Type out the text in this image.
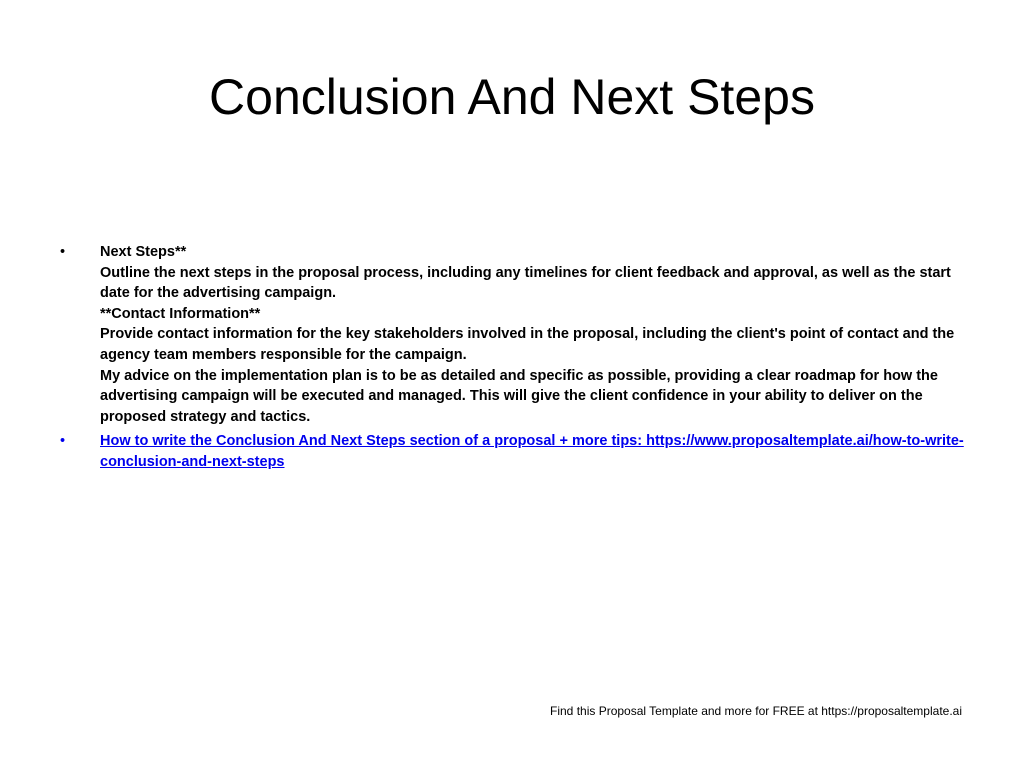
Conclusion And Next Steps
• Next Steps**
Outline the next steps in the proposal process, including any timelines for client feedback and approval, as well as the start date for the advertising campaign.
**Contact Information**
Provide contact information for the key stakeholders involved in the proposal, including the client's point of contact and the agency team members responsible for the campaign.
My advice on the implementation plan is to be as detailed and specific as possible, providing a clear roadmap for how the advertising campaign will be executed and managed. This will give the client confidence in your ability to deliver on the proposed strategy and tactics.
• How to write the Conclusion And Next Steps section of a proposal + more tips: https://www.proposaltemplate.ai/how-to-write-conclusion-and-next-steps
Find this Proposal Template and more for FREE at https://proposaltemplate.ai
